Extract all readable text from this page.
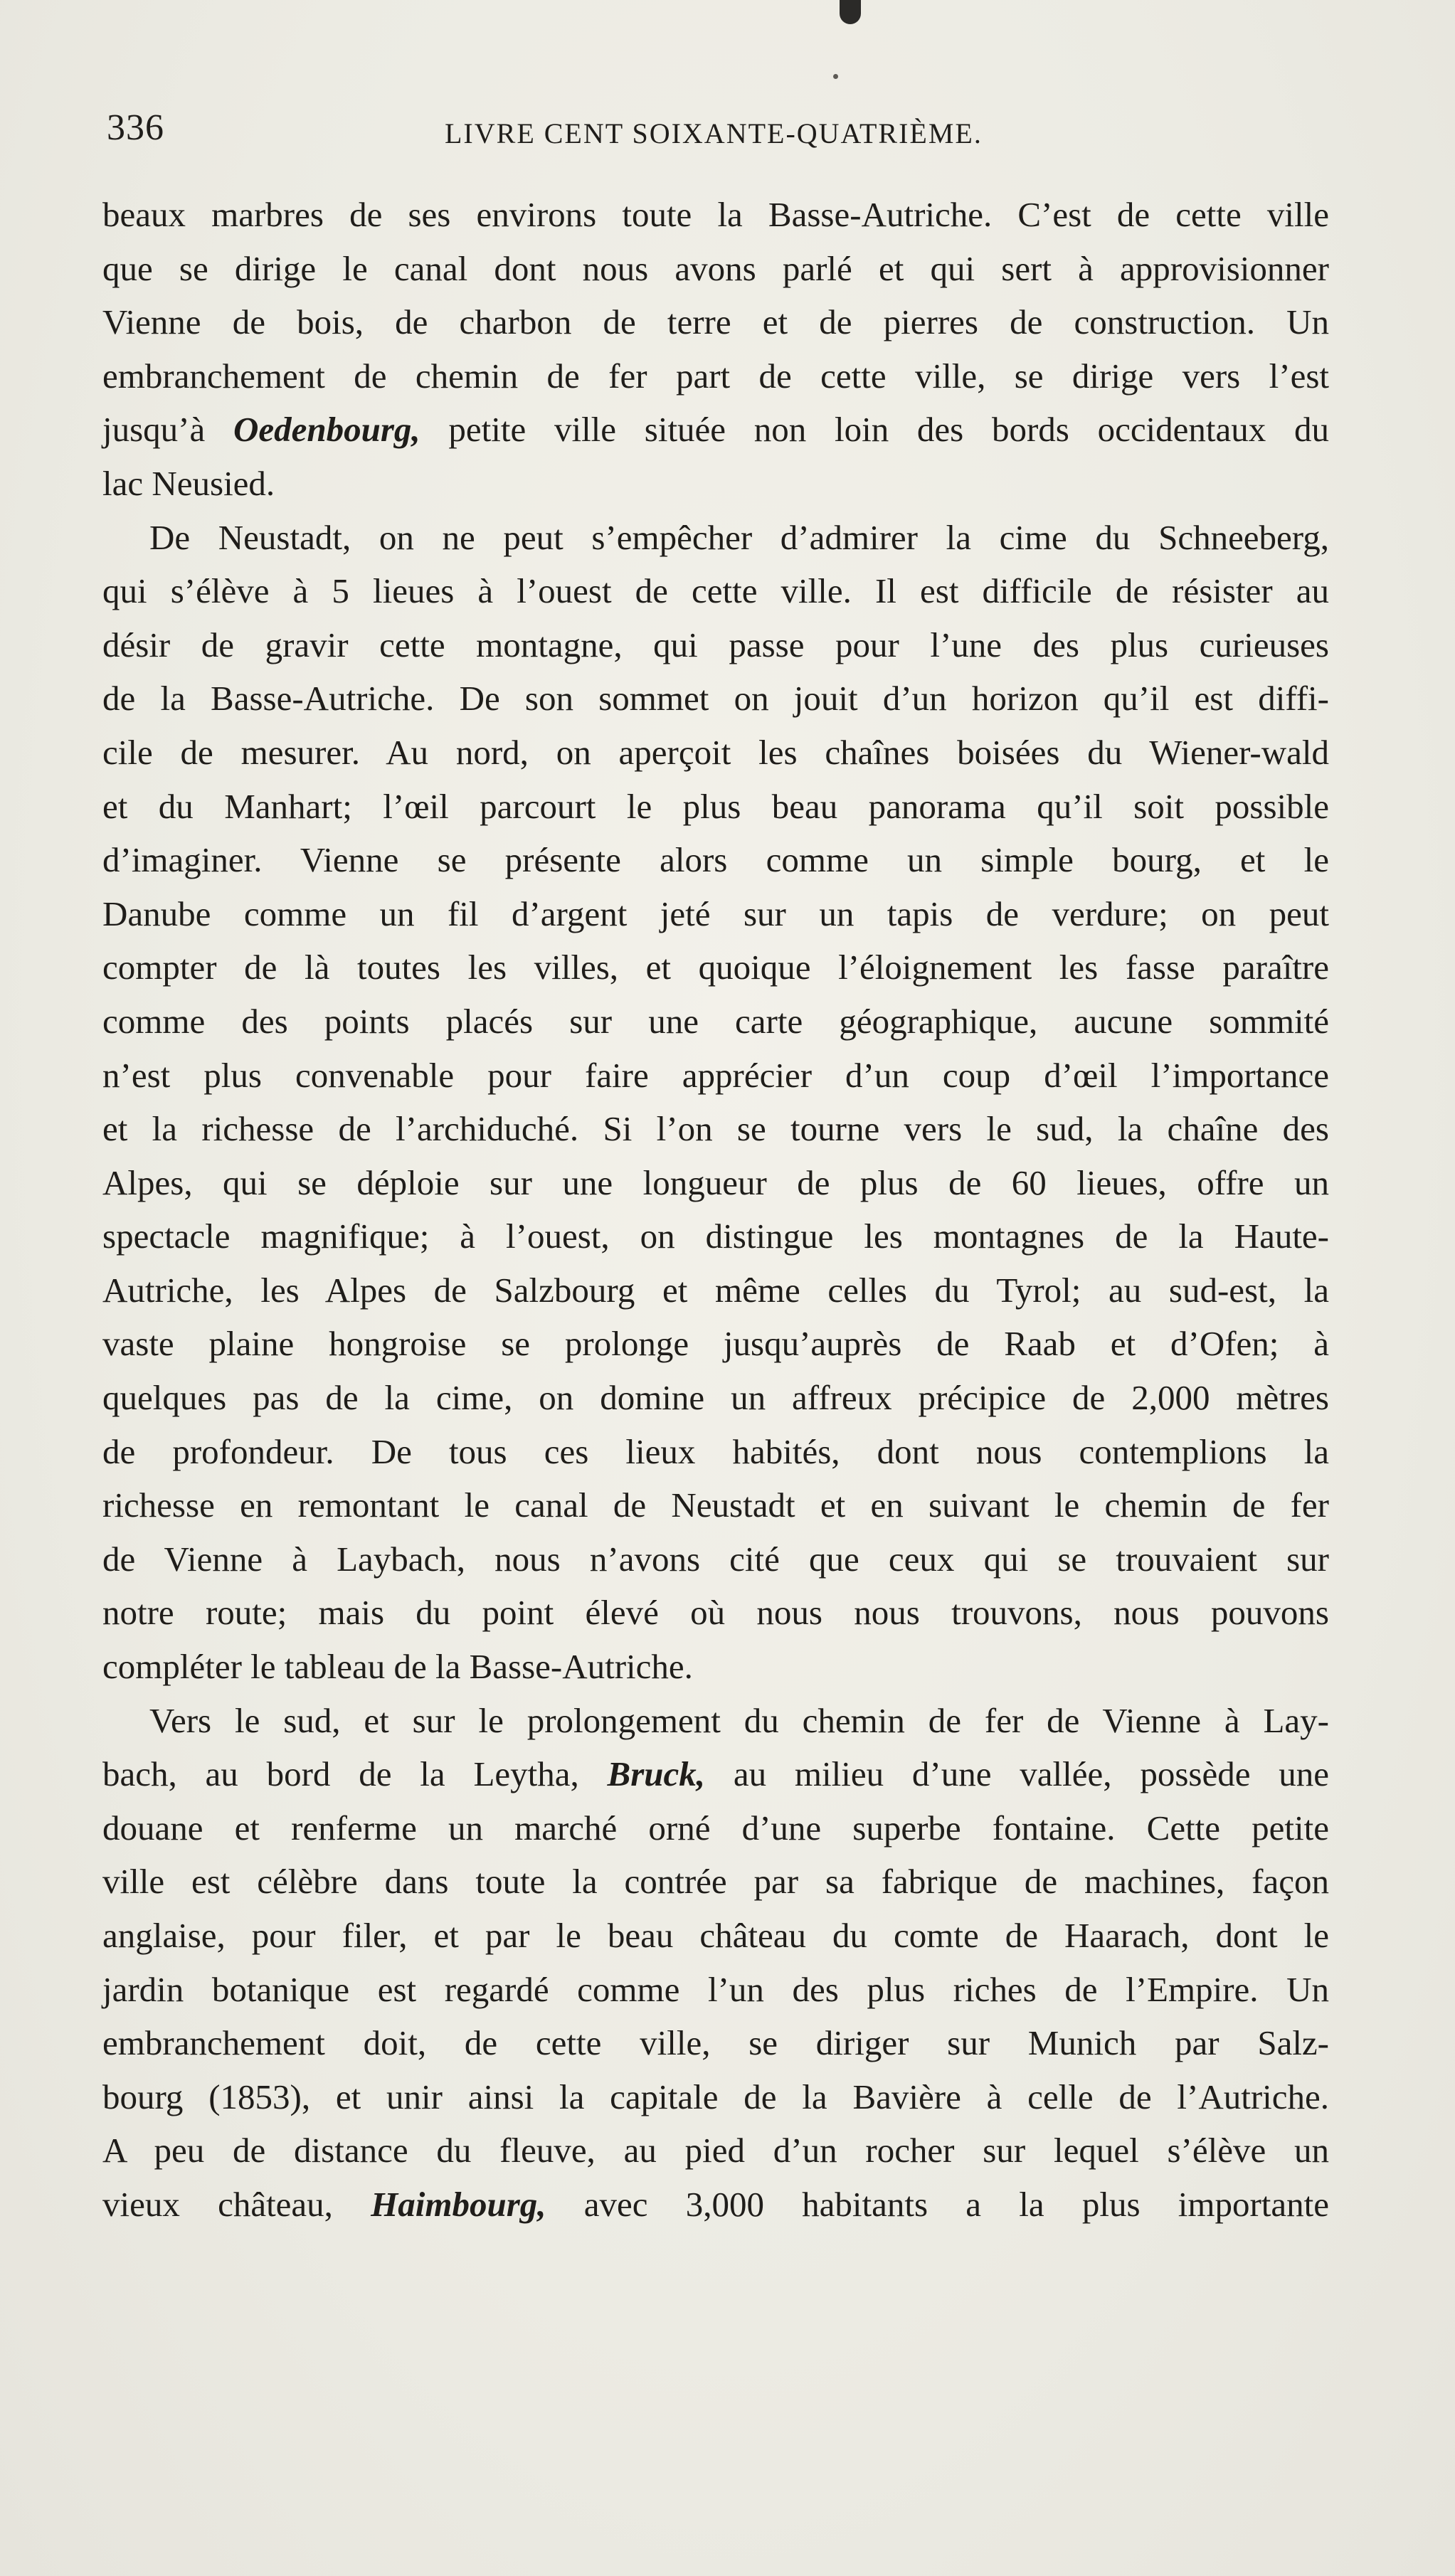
336	LIVRE CENT SOIXANTE-QUATRIÈME.
beaux marbres de ses environs toute la Basse-Autriche. C’est de cette ville
que se dirige le canal dont nous avons parlé et qui sert à approvisionner
Vienne de bois, de charbon de terre et de pierres de construction. Un
embranchement de chemin de fer part de cette ville, se dirige vers l’est
jusqu’à Oedenbourg, petite ville située non loin des bords occidentaux du
lac Neusied.
De Neustadt, on ne peut s’empêcher d’admirer la cime du Schneeberg,
qui s’élève à 5 lieues à l’ouest de cette ville. Il est difficile de résister au
désir de gravir cette montagne, qui passe pour l’une des plus curieuses
de la Basse-Autriche. De son sommet on jouit d’un horizon qu’il est diffi-
cile de mesurer. Au nord, on aperçoit les chaînes boisées du Wiener-wald
et du Manhart; l’œil parcourt le plus beau panorama qu’il soit possible
d’imaginer. Vienne se présente alors comme un simple bourg, et le
Danube comme un fil d’argent jeté sur un tapis de verdure; on peut
compter de là toutes les villes, et quoique l’éloignement les fasse paraître
comme des points placés sur une carte géographique, aucune sommité
n’est plus convenable pour faire apprécier d’un coup d’œil l’importance
et la richesse de l’archiduché. Si l’on se tourne vers le sud, la chaîne des
Alpes, qui se déploie sur une longueur de plus de 60 lieues, offre un
spectacle magnifique; à l’ouest, on distingue les montagnes de la Haute-
Autriche, les Alpes de Salzbourg et même celles du Tyrol; au sud-est, la
vaste plaine hongroise se prolonge jusqu’auprès de Raab et d’Ofen; à
quelques pas de la cime, on domine un affreux précipice de 2,000 mètres
de profondeur. De tous ces lieux habités, dont nous contemplions la
richesse en remontant le canal de Neustadt et en suivant le chemin de fer
de Vienne à Laybach, nous n’avons cité que ceux qui se trouvaient sur
notre route; mais du point élevé où nous nous trouvons, nous pouvons
compléter le tableau de la Basse-Autriche.
Vers le sud, et sur le prolongement du chemin de fer de Vienne à Lay-
bach, au bord de la Leytha, Bruck, au milieu d’une vallée, possède une
douane et renferme un marché orné d’une superbe fontaine. Cette petite
ville est célèbre dans toute la contrée par sa fabrique de machines, façon
anglaise, pour filer, et par le beau château du comte de Haarach, dont le
jardin botanique est regardé comme l’un des plus riches de l’Empire. Un
embranchement doit, de cette ville, se diriger sur Munich par Salz-
bourg (1853), et unir ainsi la capitale de la Bavière à celle de l’Autriche.
A peu de distance du fleuve, au pied d’un rocher sur lequel s’élève un
vieux château, Haimbourg, avec 3,000 habitants a la plus importante
